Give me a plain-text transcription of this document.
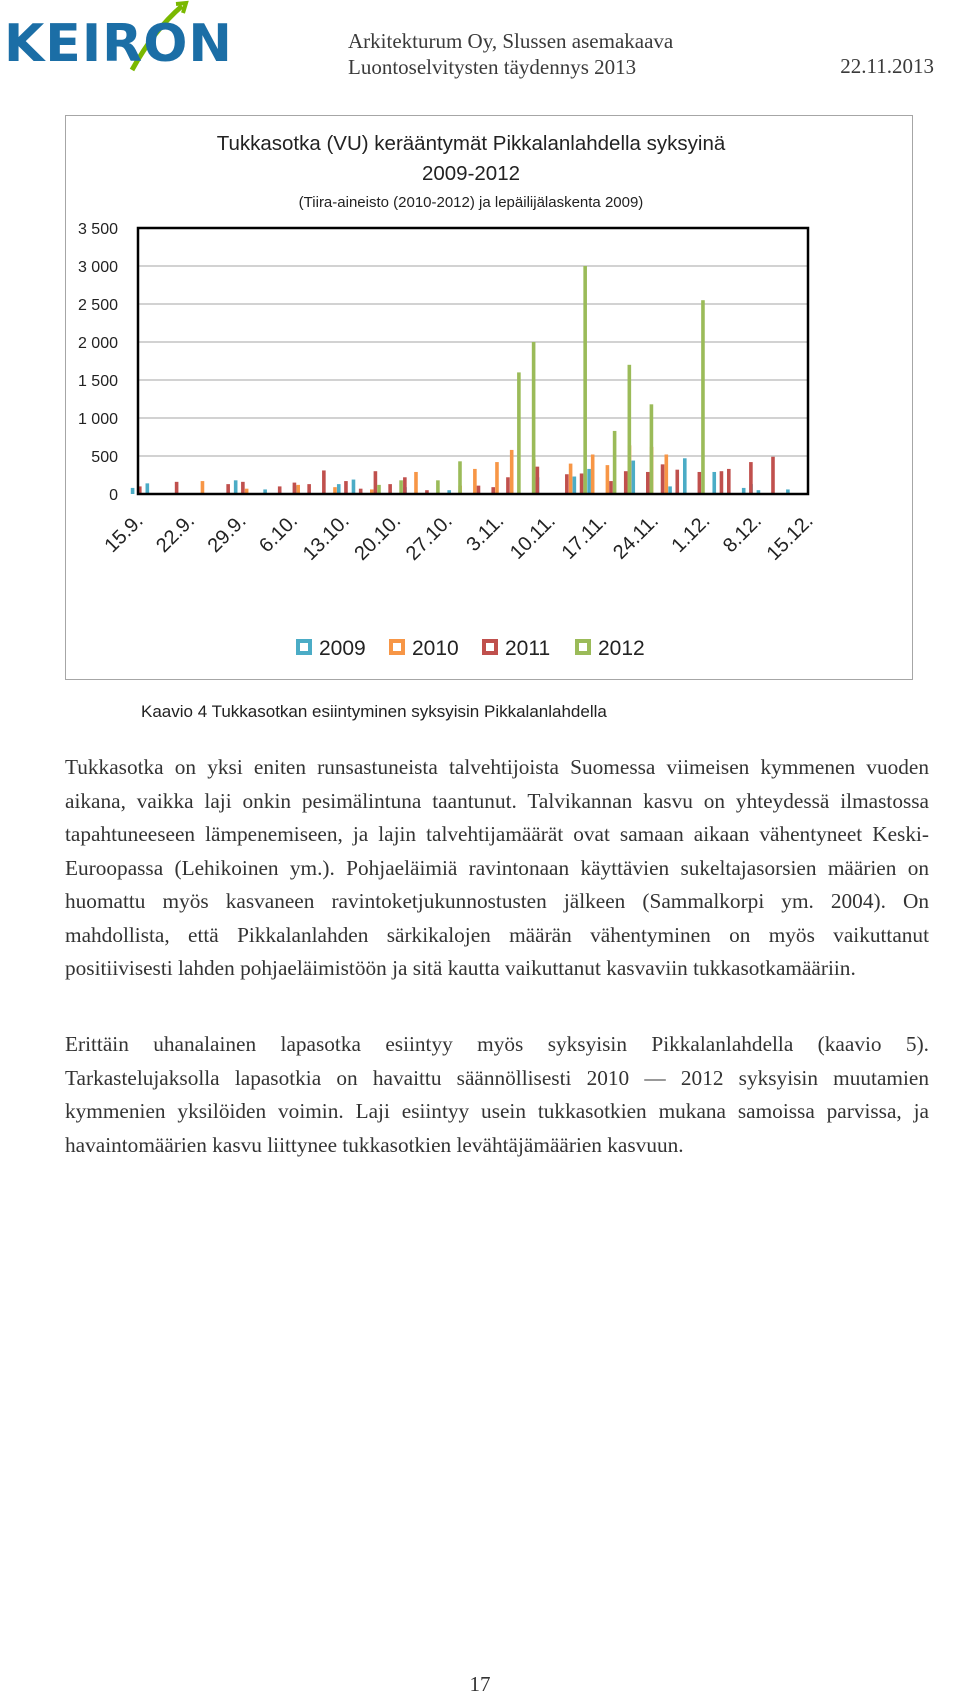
KEIRON	Arkitekturum Oy, Slussen asemakaava
Luontoselvitysten täydennys 2013	22.11.2013
Tukkasotka (VU) kerääntymät Pikkalanlahdella syksyinä
2009-2012
(Tiira-aineisto (2010-2012) ja lepäilijälaskenta 2009)
0
500
1 000
1 500
2 000
2 500
3 000
3 500
15.9. 22.9. 29.9. 6.10.
13.10.
20.10.
27.10. 3.11.
10.11.
17.11.
24.11. 1.12. 8.12.
15.12.
2009 2010 2011 2012
Kaavio 4 Tukkasotkan esiintyminen syksyisin Pikkalanlahdella
Tukkasotka on yksi eniten runsastuneista talvehtijoista Suomessa viimeisen kymmenen vuoden aikana, vaikka laji onkin pesimälintuna taantunut. Talvikannan kasvu on yhteydessä ilmastossa tapahtuneeseen lämpenemiseen, ja lajin talvehtijamäärät ovat samaan aikaan vähentyneet Keski-Euroopassa (Lehikoinen ym.). Pohjaeläimiä ravintonaan käyttävien sukeltajasorsien määrien on huomattu myös kasvaneen ravintoketjukunnostusten jälkeen (Sammalkorpi ym. 2004). On mahdollista, että Pikkalanlahden särkikalojen määrän vähentyminen on myös vaikuttanut positiivisesti lahden pohjaeläimistöön ja sitä kautta vaikuttanut kasvaviin tukkasotkamääriin.
Erittäin uhanalainen lapasotka esiintyy myös syksyisin Pikkalanlahdella (kaavio 5). Tarkastelujaksolla lapasotkia on havaittu säännöllisesti 2010 — 2012 syksyisin muutamien kymmenien yksilöiden voimin. Laji esiintyy usein tukkasotkien mukana samoissa parvissa, ja havaintomäärien kasvu liittynee tukkasotkien levähtäjämäärien kasvuun.
17
